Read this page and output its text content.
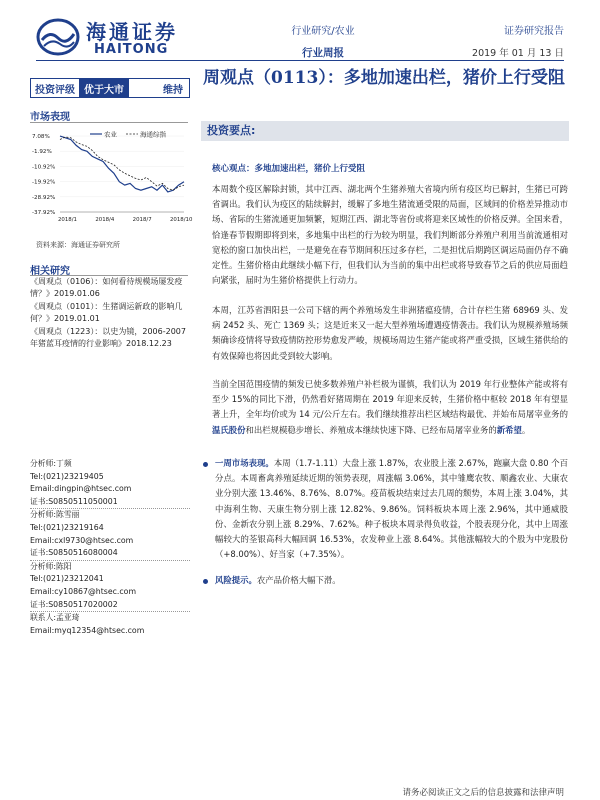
海通证券
HAITONG
行业研究/农业
行业周报
证券研究报告
2019 年 01 月 13 日
投资评级 优于大市	维持
周观点（0113）：多地加速出栏，猪价上行受阻
市场表现
7.08%
-1.92%
-10.92%
-19.92%
-28.92%
-37.92%
2018/1	2018/4	2018/7	2018/10
农业	海通综指
资料来源：海通证券研究所
相关研究

《周观点（0106）：如何看待规模场屡发疫情？》2019.01.06

《周观点（0101）：生猪调运新政的影响几何？》2019.01.01

《周观点（1223）：以史为镜，2006-2007 年猪蓝耳疫情的行业影响》2018.12.23

分析师:丁频
Tel:(021)23219405
Email:dingpin@htsec.com
证书:S0850511050001
分析师:陈雪丽
Tel:(021)23219164
Email:cxl9730@htsec.com
证书:S0850516080004
分析师:陈阳
Tel:(021)23212041
Email:cy10867@htsec.com
证书:S0850517020002
联系人:孟亚琦
Email:myq12354@htsec.com
投资要点:
核心观点：多地加速出栏，猪价上行受阻

本周数个疫区解除封锁，其中江西、湖北两个生猪养殖大省境内所有疫区均已解封，生猪已可跨省调出。我们认为疫区的陆续解封，缓解了多地生猪流通受限的局面，区域间的价格差异推动市场、省际的生猪流通更加频繁，短期江西、湖北等省份或将迎来区域性的价格反弹。全国来看，恰逢春节假期即将到来，多地集中出栏的行为较为明显，我们判断部分养殖户利用当前流通相对宽松的窗口加快出栏，一是避免在春节期间积压过多存栏，二是担忧后期跨区调运局面仍存不确定性。生猪价格由此继续小幅下行，但我们认为当前的集中出栏或将导致春节之后的供应局面趋向紧张，届时为生猪价格提供上行动力。

本周，江苏省泗阳县一公司下辖的两个养殖场发生非洲猪瘟疫情，合计存栏生猪 68969 头、发病 2452 头、死亡 1369 头；这是近来又一起大型养殖场遭遇疫情袭击。我们认为规模养殖场频频确诊疫情将导致疫情防控形势愈发严峻，规模场周边生猪产能或将严重受损，区域生猪供给的有效保障也将因此受到较大影响。

当前全国范围疫情的频发已使多数养殖户补栏极为谨慎，我们认为 2019 年行业整体产能或将有至少 15%的同比下滑，仍然看好猪周期在 2019 年迎来反转，生猪价格中枢较 2018 年有望显著上升，全年均价或为 14 元/公斤左右。我们继续推荐出栏区域结构最优、并始布局屠宰业务的温氏股份和出栏规模稳步增长、养殖成本继续快速下降、已经布局屠宰业务的新希望。

一周市场表现。本周（1.7-1.11）大盘上涨 1.87%，农业股上涨 2.67%，跑赢大盘 0.80 个百分点。本周畜禽养殖延续近期的领势表现，周涨幅 3.06%，其中雏鹰农牧、顺鑫农业、大康农业分别大涨 13.46%、8.76%、8.07%。疫苗板块结束过去几周的颓势，本周上涨 3.04%，其中海利生物、天康生物分别上涨 12.82%、9.86%。饲料板块本周上涨 2.96%，其中通威股份、金新农分别上涨 8.29%、7.62%。种子板块本周录得负收益，个股表现分化，其中上周涨幅较大的荃银高科大幅回调 16.53%，农发种业上涨 8.64%。其他涨幅较大的个股为中宠股份（+8.00%）、好当家（+7.35%）。
风险提示。农产品价格大幅下滑。
请务必阅读正文之后的信息披露和法律声明
